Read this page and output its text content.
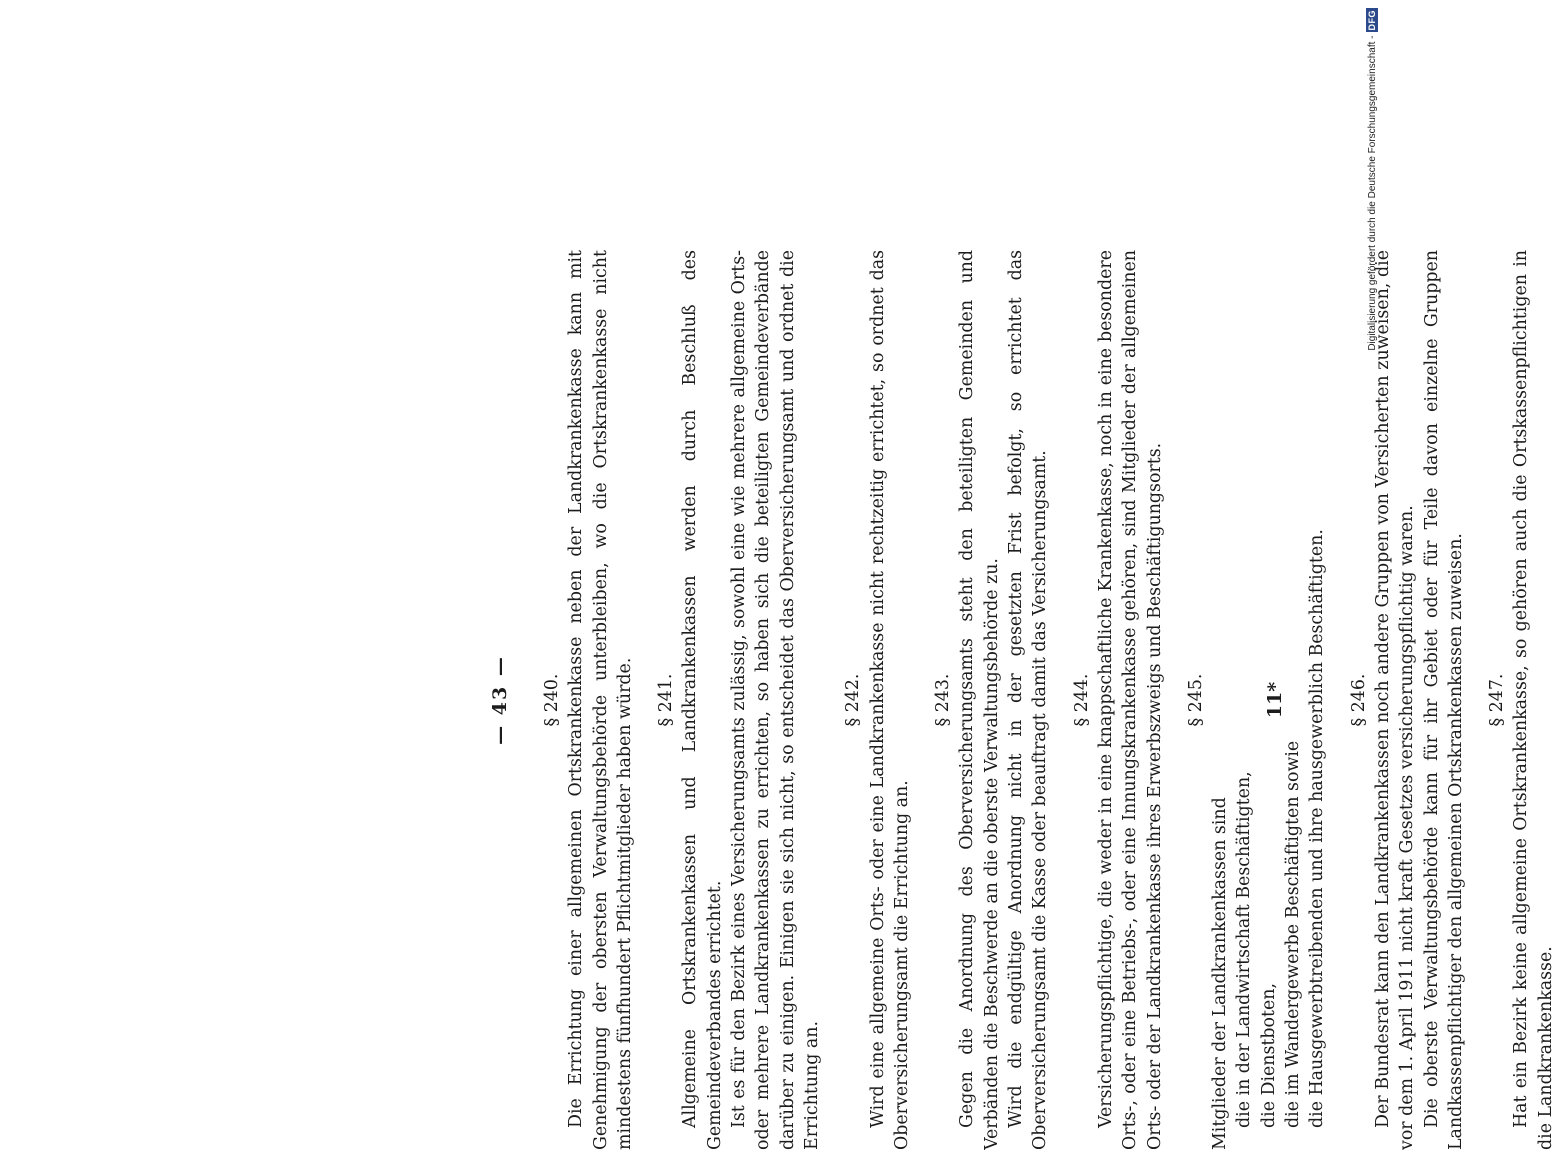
— 43 — § 240. Die Errichtung einer allgemeinen Ortskrankenkasse neben der Landkrankenkasse kann mit Genehmigung der obersten Verwaltungsbehörde unterbleiben, wo die Ortskrankenkasse nicht mindestens fünfhundert Pflichtmitglieder haben würde. § 241. Allgemeine Ortskrankenkassen und Landkrankenkassen werden durch Beschluß des Gemeindeverbandes errichtet. Ist es für den Bezirk eines Versicherungsamts zulässig, sowohl eine wie mehrere allgemeine Orts- oder mehrere Landkrankenkassen zu errichten, so haben sich die beteiligten Gemeindeverbände darüber zu einigen. Einigen sie sich nicht, so entscheidet das Oberversicherungsamt und ordnet die Errichtung an.

§ 242. Wird eine allgemeine Orts- oder eine Landkrankenkasse nicht rechtzeitig errichtet, so ordnet das Oberversicherungsamt die Errichtung an.

§ 243. Gegen die Anordnung des Oberversicherungsamts steht den beteiligten Gemeinden und Verbänden die Beschwerde an die oberste Verwaltungsbehörde zu. Wird die endgültige Anordnung nicht in der gesetzten Frist befolgt, so errichtet das Oberversicherungsamt die Kasse oder beauftragt damit das Versicherungsamt. § 244. Versicherungspflichtige, die weder in eine knappschaftliche Krankenkasse, noch in eine besondere Orts-, oder eine Betriebs-, oder eine Innungskrankenkasse gehören, sind Mitglieder der allgemeinen Orts- oder der Landkrankenkasse ihres Erwerbszweigs und Beschäftigungsorts. § 245.

Mitglieder der Landkrankenkassen sind die in der Landwirtschaft Beschäftigten, die Dienstboten, die im Wandergewerbe Beschäftigten sowie die Hausgewerbtreibenden und ihre hausgewerblich Beschäftigten. § 246. Der Bundesrat kann den Landkrankenkassen noch andere Gruppen von Versicherten zuweisen, die vor dem 1. April 1911 nicht kraft Gesetzes versicherungspflichtig waren. Die oberste Verwaltungsbehörde kann für ihr Gebiet oder für Teile davon einzelne Gruppen Landkassenpflichtiger den allgemeinen Ortskrankenkassen zuweisen. § 247. Hat ein Bezirk keine allgemeine Ortskrankenkasse, so gehören auch die Ortskassenpflichtigen in die Landkrankenkasse.

11*
Digitalisierung gefördert durch die Deutsche Forschungsgemeinschaft -
DFG
